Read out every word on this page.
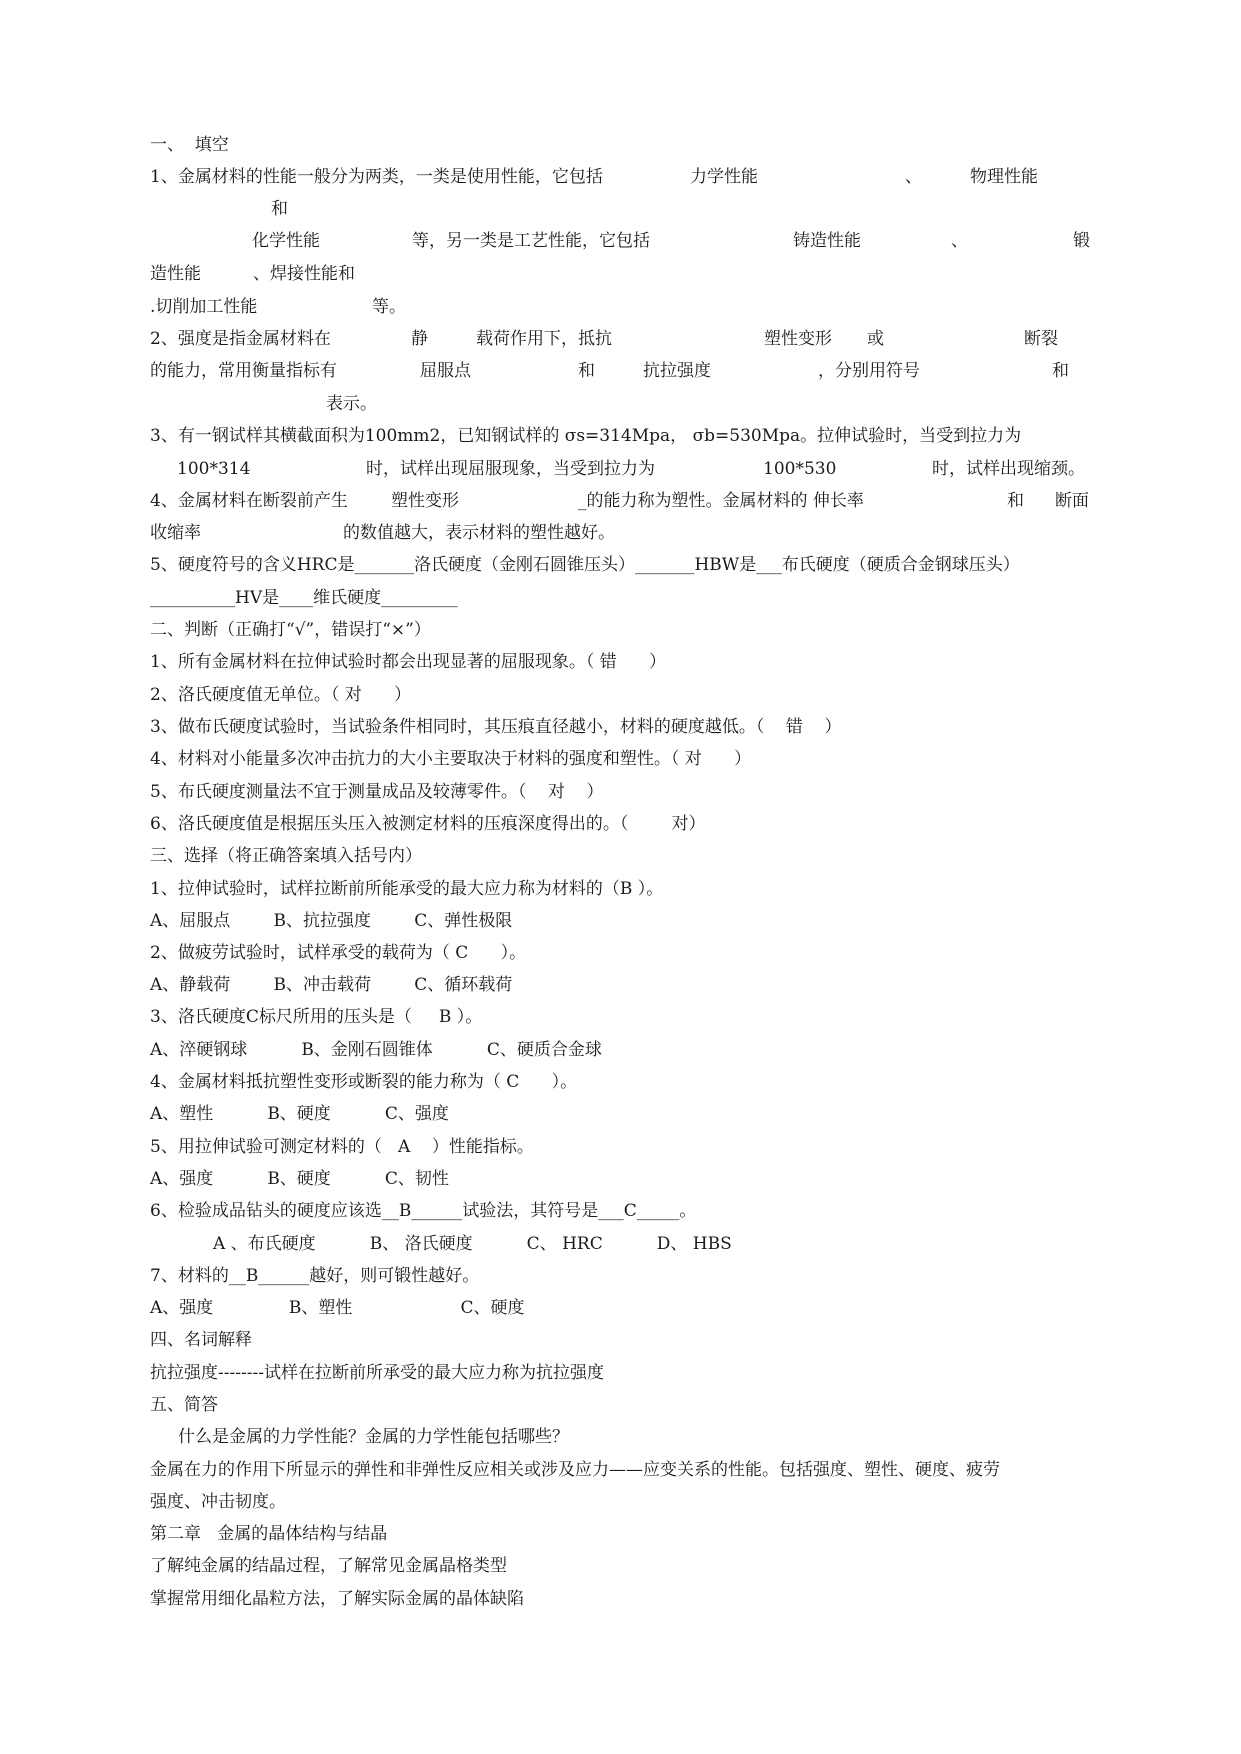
一、  填空
1、金属材料的性能一般分为两类，一类是使用性能，它包括	力学性能	、	物理性能
和
化学性能	等，另一类是工艺性能，它包括	铸造性能	、	锻
造性能	、焊接性能和
.切削加工性能	等。
2、强度是指金属材料在	静	载荷作用下，抵抗	塑性变形 或	断裂
的能力，常用衡量指标有	屈服点	和	抗拉强度	，分别用符号	和
表示。
3、有一钢试样其横截面积为100mm2，已知钢试样的 σs=314Mpa， σb=530Mpa。拉伸试验时，当受到拉力为
100*314	时，试样出现屈服现象，当受到拉力为	100*530	时，试样出现缩颈。
4、金属材料在断裂前产生	塑性变形	_的能力称为塑性。金属材料的 伸长率	和 断面
收缩率	的数值越大，表示材料的塑性越好。
5、硬度符号的含义HRC是_______洛氏硬度（金刚石圆锥压头）_______HBW是___布氏硬度（硬质合金钢球压头）
__________HV是____维氏硬度_________
二、判断（正确打“√”，错误打“×”）
1、所有金属材料在拉伸试验时都会出现显著的屈服现象。（ 错      ）
2、洛氏硬度值无单位。（ 对      ）
3、做布氏硬度试验时，当试验条件相同时，其压痕直径越小，材料的硬度越低。（    错    ）
4、材料对小能量多次冲击抗力的大小主要取决于材料的强度和塑性。（ 对      ）
5、布氏硬度测量法不宜于测量成品及较薄零件。（    对    ）
6、洛氏硬度值是根据压头压入被测定材料的压痕深度得出的。（        对）
三、选择（将正确答案填入括号内）
1、拉伸试验时，试样拉断前所能承受的最大应力称为材料的（B ）。
A、屈服点        B、抗拉强度        C、弹性极限
2、做疲劳试验时，试样承受的载荷为（ C      ）。
A、静载荷        B、冲击载荷        C、循环载荷
3、洛氏硬度C标尺所用的压头是（     B ）。
A、淬硬钢球          B、金刚石圆锥体          C、硬质合金球
4、金属材料抵抗塑性变形或断裂的能力称为（ C      ）。
A、塑性          B、硬度          C、强度
5、用拉伸试验可测定材料的（   A    ）性能指标。
A、强度          B、硬度          C、韧性
6、检验成品钻头的硬度应该选__B______试验法，其符号是___C_____。
A 、布氏硬度          B、 洛氏硬度          C、 HRC          D、 HBS
7、材料的__B______越好，则可锻性越好。
A、强度              B、塑性                    C、硬度
四、名词解释
抗拉强度--------试样在拉断前所承受的最大应力称为抗拉强度
五、简答
什么是金属的力学性能？金属的力学性能包括哪些？
金属在力的作用下所显示的弹性和非弹性反应相关或涉及应力——应变关系的性能。包括强度、塑性、硬度、疲劳
强度、冲击韧度。
第二章   金属的晶体结构与结晶
了解纯金属的结晶过程，了解常见金属晶格类型
掌握常用细化晶粒方法，了解实际金属的晶体缺陷
